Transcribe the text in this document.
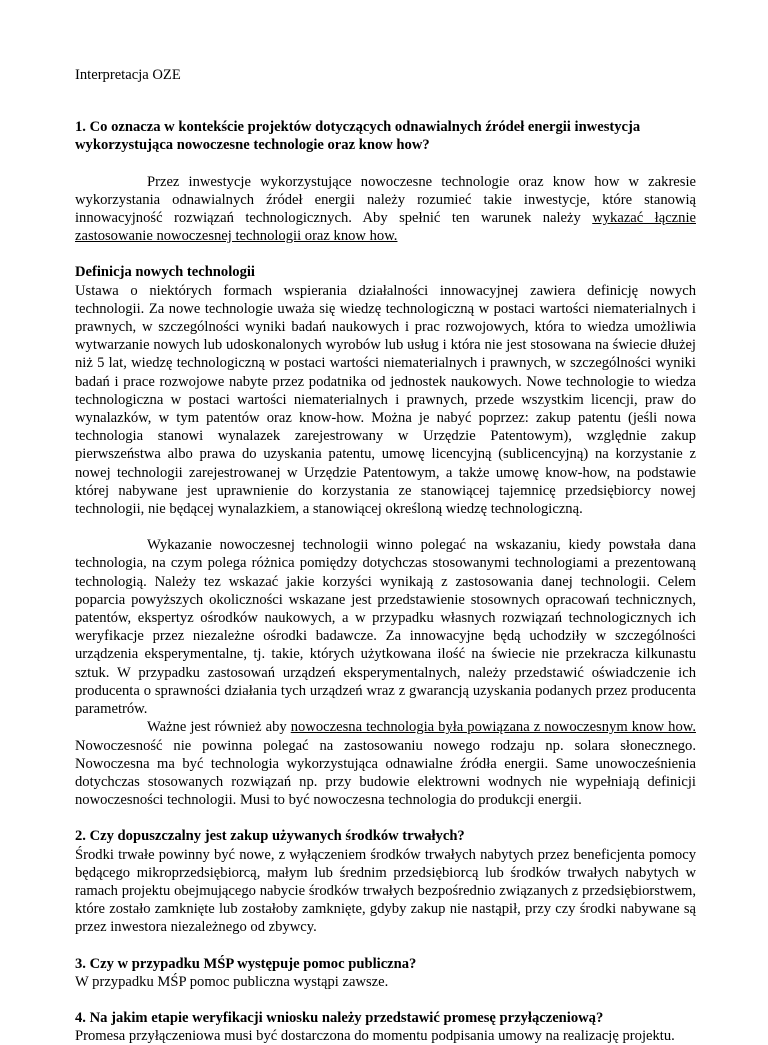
Interpretacja OZE
1. Co oznacza w kontekście projektów dotyczących odnawialnych źródeł energii inwestycja wykorzystująca nowoczesne technologie oraz know how?

Przez inwestycje wykorzystujące nowoczesne technologie oraz know how w zakresie wykorzystania odnawialnych źródeł energii należy rozumieć takie inwestycje, które stanowią innowacyjność rozwiązań technologicznych. Aby spełnić ten warunek należy wykazać łącznie zastosowanie nowoczesnej technologii oraz know how.

Definicja nowych technologii

Ustawa o niektórych formach wspierania działalności innowacyjnej zawiera definicję nowych technologii. Za nowe technologie uważa się wiedzę technologiczną w postaci wartości niematerialnych i prawnych, w szczególności wyniki badań naukowych i prac rozwojowych, która to wiedza umożliwia wytwarzanie nowych lub udoskonalonych wyrobów lub usług i która nie jest stosowana na świecie dłużej niż 5 lat, wiedzę technologiczną w postaci wartości niematerialnych i prawnych, w szczególności wyniki badań i prace rozwojowe nabyte przez podatnika od jednostek naukowych. Nowe technologie to wiedza technologiczna w postaci wartości niematerialnych i prawnych, przede wszystkim licencji, praw do wynalazków, w tym patentów oraz know-how. Można je nabyć poprzez: zakup patentu (jeśli nowa technologia stanowi wynalazek zarejestrowany w Urzędzie Patentowym), względnie zakup pierwszeństwa albo prawa do uzyskania patentu, umowę licencyjną (sublicencyjną) na korzystanie z nowej technologii zarejestrowanej w Urzędzie Patentowym, a także umowę know-how, na podstawie której nabywane jest uprawnienie do korzystania ze stanowiącej tajemnicę przedsiębiorcy nowej technologii, nie będącej wynalazkiem, a stanowiącej określoną wiedzę technologiczną.

Wykazanie nowoczesnej technologii winno polegać na wskazaniu, kiedy powstała dana technologia, na czym polega różnica pomiędzy dotychczas stosowanymi technologiami a prezentowaną technologią. Należy tez wskazać jakie korzyści wynikają z zastosowania danej technologii. Celem poparcia powyższych okoliczności wskazane jest przedstawienie stosownych opracowań technicznych, patentów, ekspertyz ośrodków naukowych, a w przypadku własnych rozwiązań technologicznych ich weryfikacje przez niezależne ośrodki badawcze. Za innowacyjne będą uchodziły w szczególności urządzenia eksperymentalne, tj. takie, których użytkowana ilość na świecie nie przekracza kilkunastu sztuk. W przypadku zastosowań urządzeń eksperymentalnych, należy przedstawić oświadczenie ich producenta o sprawności działania tych urządzeń wraz z gwarancją uzyskania podanych przez producenta parametrów.

Ważne jest również aby nowoczesna technologia była powiązana z nowoczesnym know how. Nowoczesność nie powinna polegać na zastosowaniu nowego rodzaju np. solara słonecznego. Nowoczesna ma być technologia wykorzystująca odnawialne źródła energii. Same unowocześnienia dotychczas stosowanych rozwiązań np. przy budowie elektrowni wodnych nie wypełniają definicji nowoczesności technologii. Musi to być nowoczesna technologia do produkcji energii.

2. Czy dopuszczalny jest zakup używanych środków trwałych?

Środki trwałe powinny być nowe, z wyłączeniem środków trwałych nabytych przez beneficjenta pomocy będącego mikroprzedsiębiorcą, małym lub średnim przedsiębiorcą lub środków trwałych nabytych w ramach projektu obejmującego nabycie środków trwałych bezpośrednio związanych z przedsiębiorstwem, które zostało zamknięte lub zostałoby zamknięte, gdyby zakup nie nastąpił, przy czy środki nabywane są przez inwestora niezależnego od zbywcy.

3. Czy w przypadku MŚP występuje pomoc publiczna?

W przypadku MŚP pomoc publiczna wystąpi zawsze.

4. Na jakim etapie weryfikacji wniosku należy przedstawić promesę przyłączeniową?

Promesa przyłączeniowa musi być dostarczona do momentu podpisania umowy na realizację projektu.
